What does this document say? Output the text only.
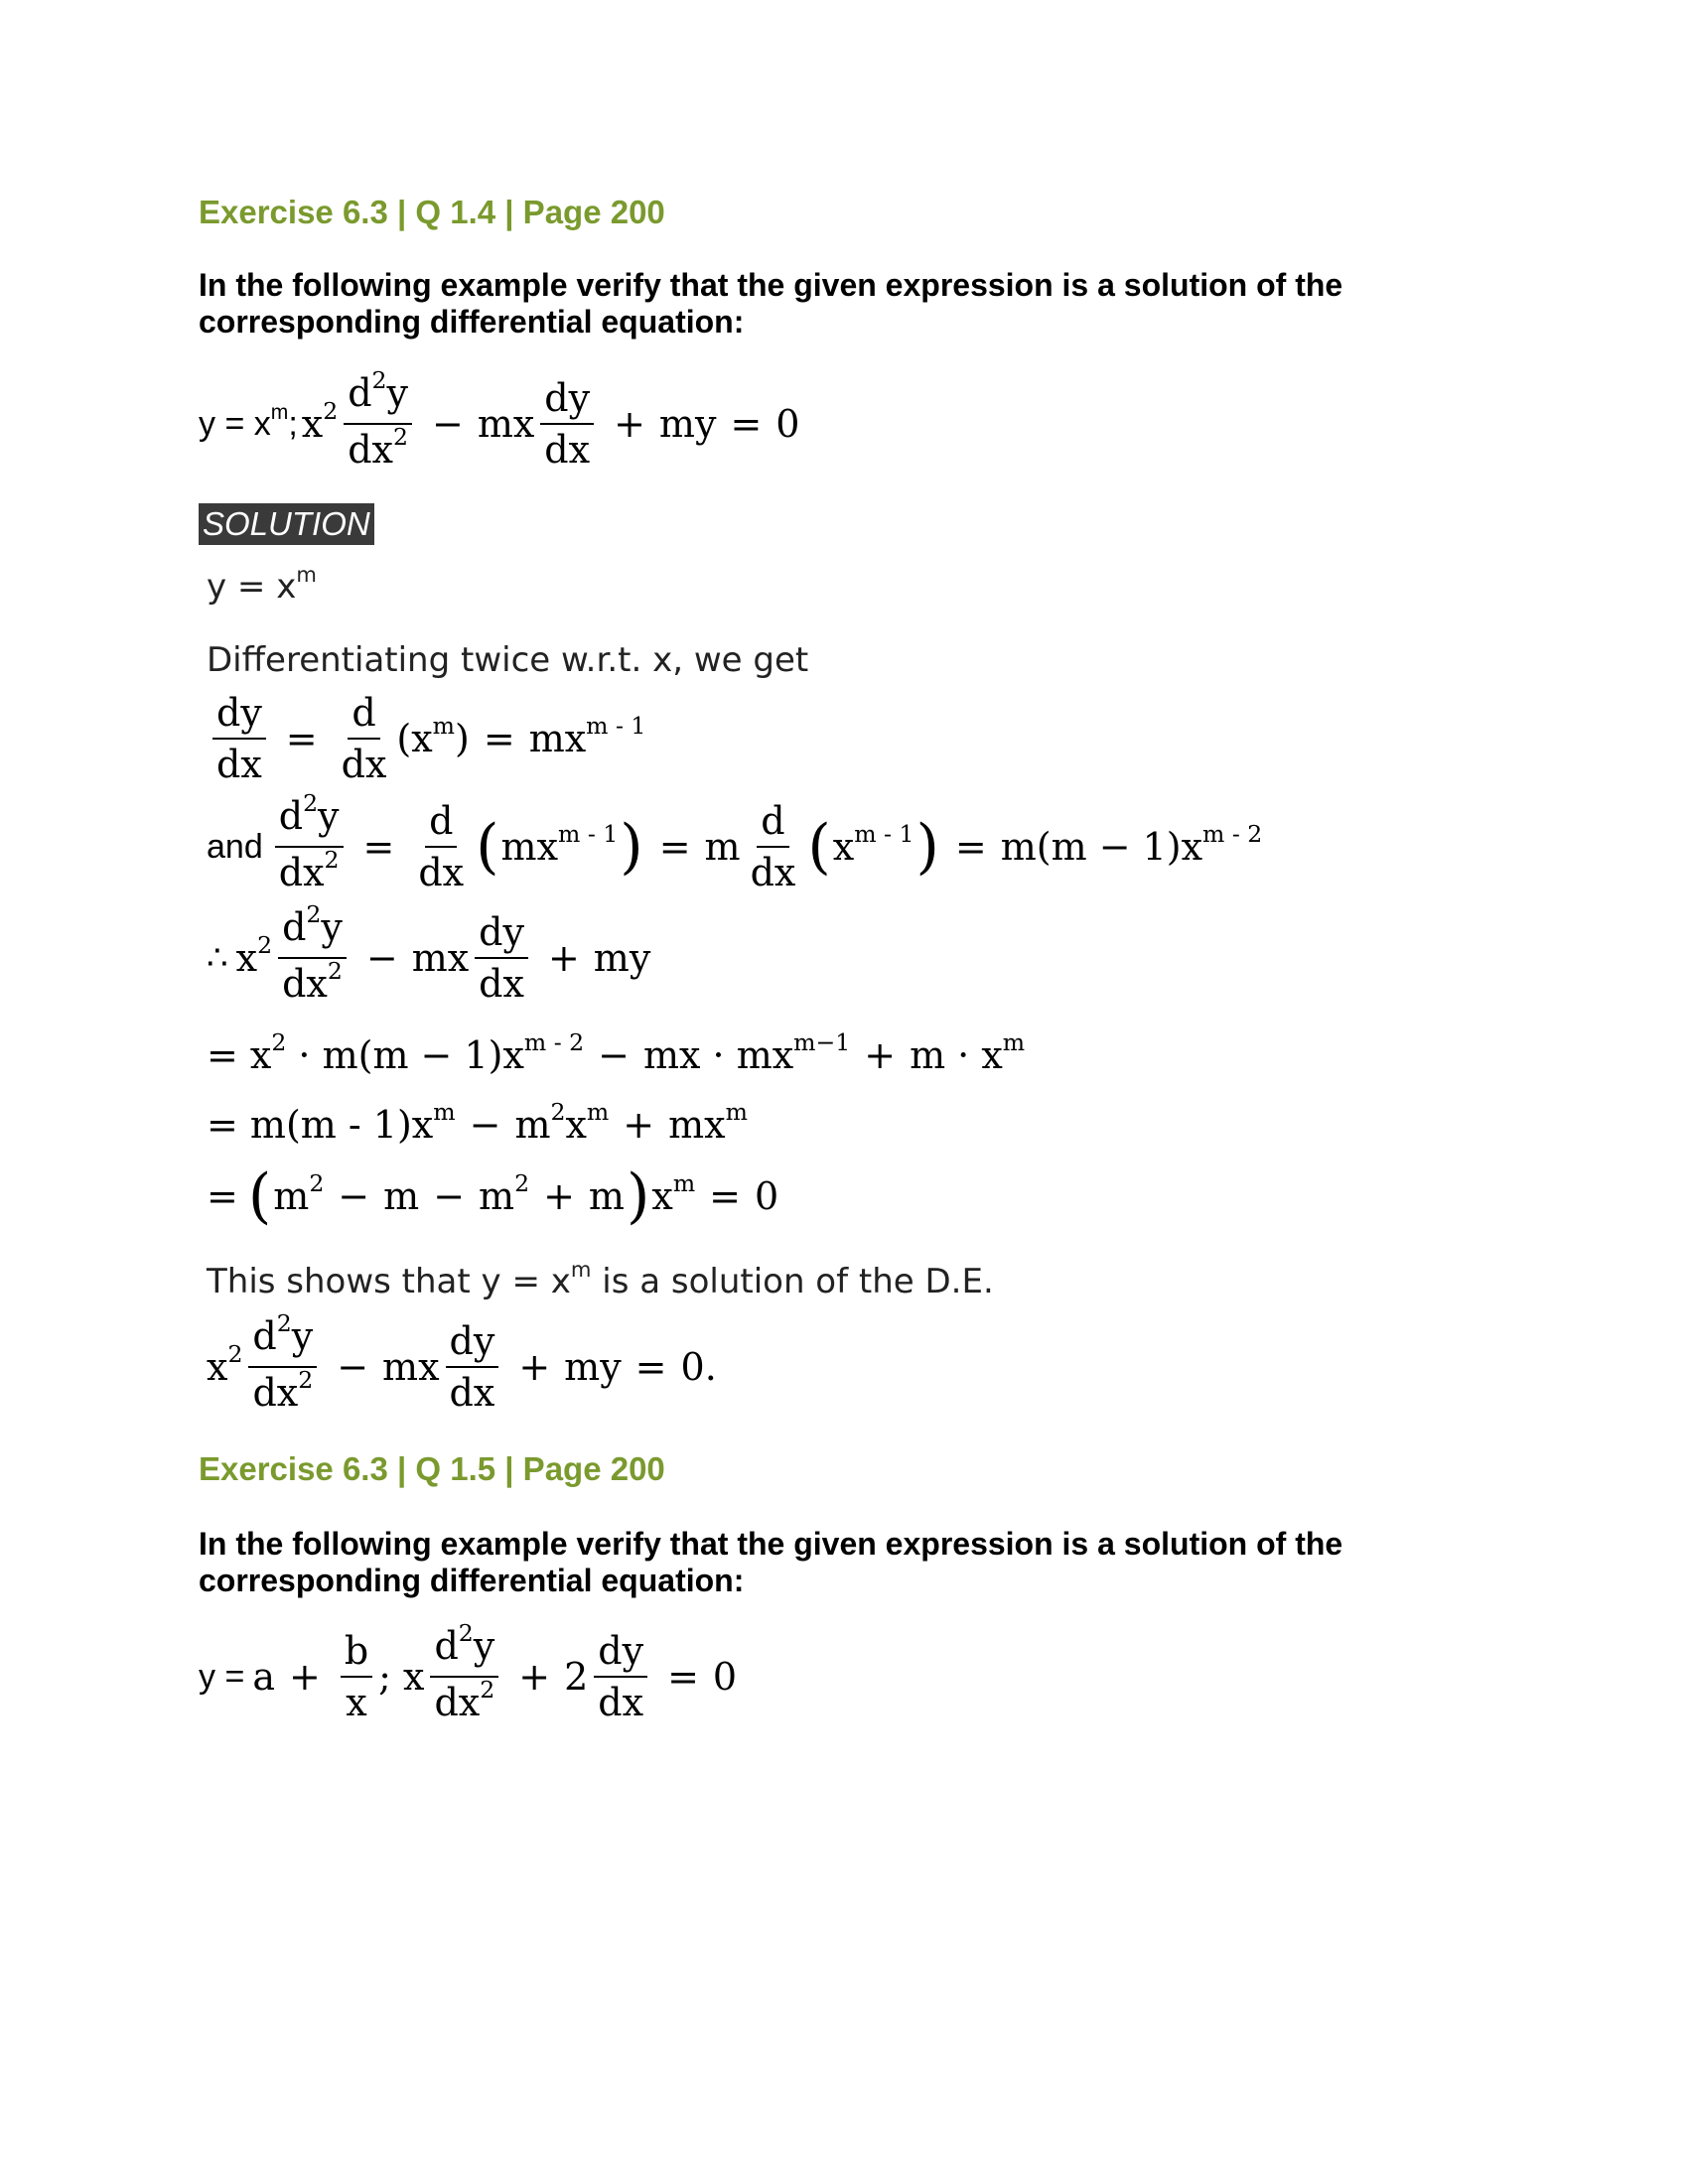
Exercise 6.3 | Q 1.4 | Page 200
In the following example verify that the given expression is a solution of the corresponding differential equation:
$y = x^m$; $x^2 \frac{d^2y}{dx^2}$ − mx $\frac{dy}{dx}$ + my = 0
SOLUTION
$y = x^m$
Differentiating twice w.r.t. x, we get
$\frac{dy}{dx} = \frac{d}{dx} (x^m) = mx^{m - 1}$
and $\frac{d^2y}{dx^2} = \frac{d}{dx}$ ( $mx^{m - 1}$ ) = m $\frac{d}{dx}$ ( $x^{m - 1}$ ) = $m(m - 1)x^{m - 2}$
∴ $x^2 \frac{d^2y}{dx^2}$ − mx $\frac{dy}{dx}$ + my
= $x^2 \cdot m(m - 1)x^{m - 2}$ − mx · $mx^{m-1} + m \cdot x^m$
= $m(m - 1)x^m - m^2x^m + mx^m$
= ( $m^2 - m - m^2 + m$ ) $x^m = 0$
This shows that $y = x^m$ is a solution of the D.E.
$x^2 \frac{d^2y}{dx^2}$ − mx $\frac{dy}{dx}$ + my = 0.
Exercise 6.3 | Q 1.5 | Page 200
In the following example verify that the given expression is a solution of the corresponding differential equation:
$y = a + \frac{b}{x}$ ; x $\frac{d^2y}{dx^2} + 2 \frac{dy}{dx} = 0$
